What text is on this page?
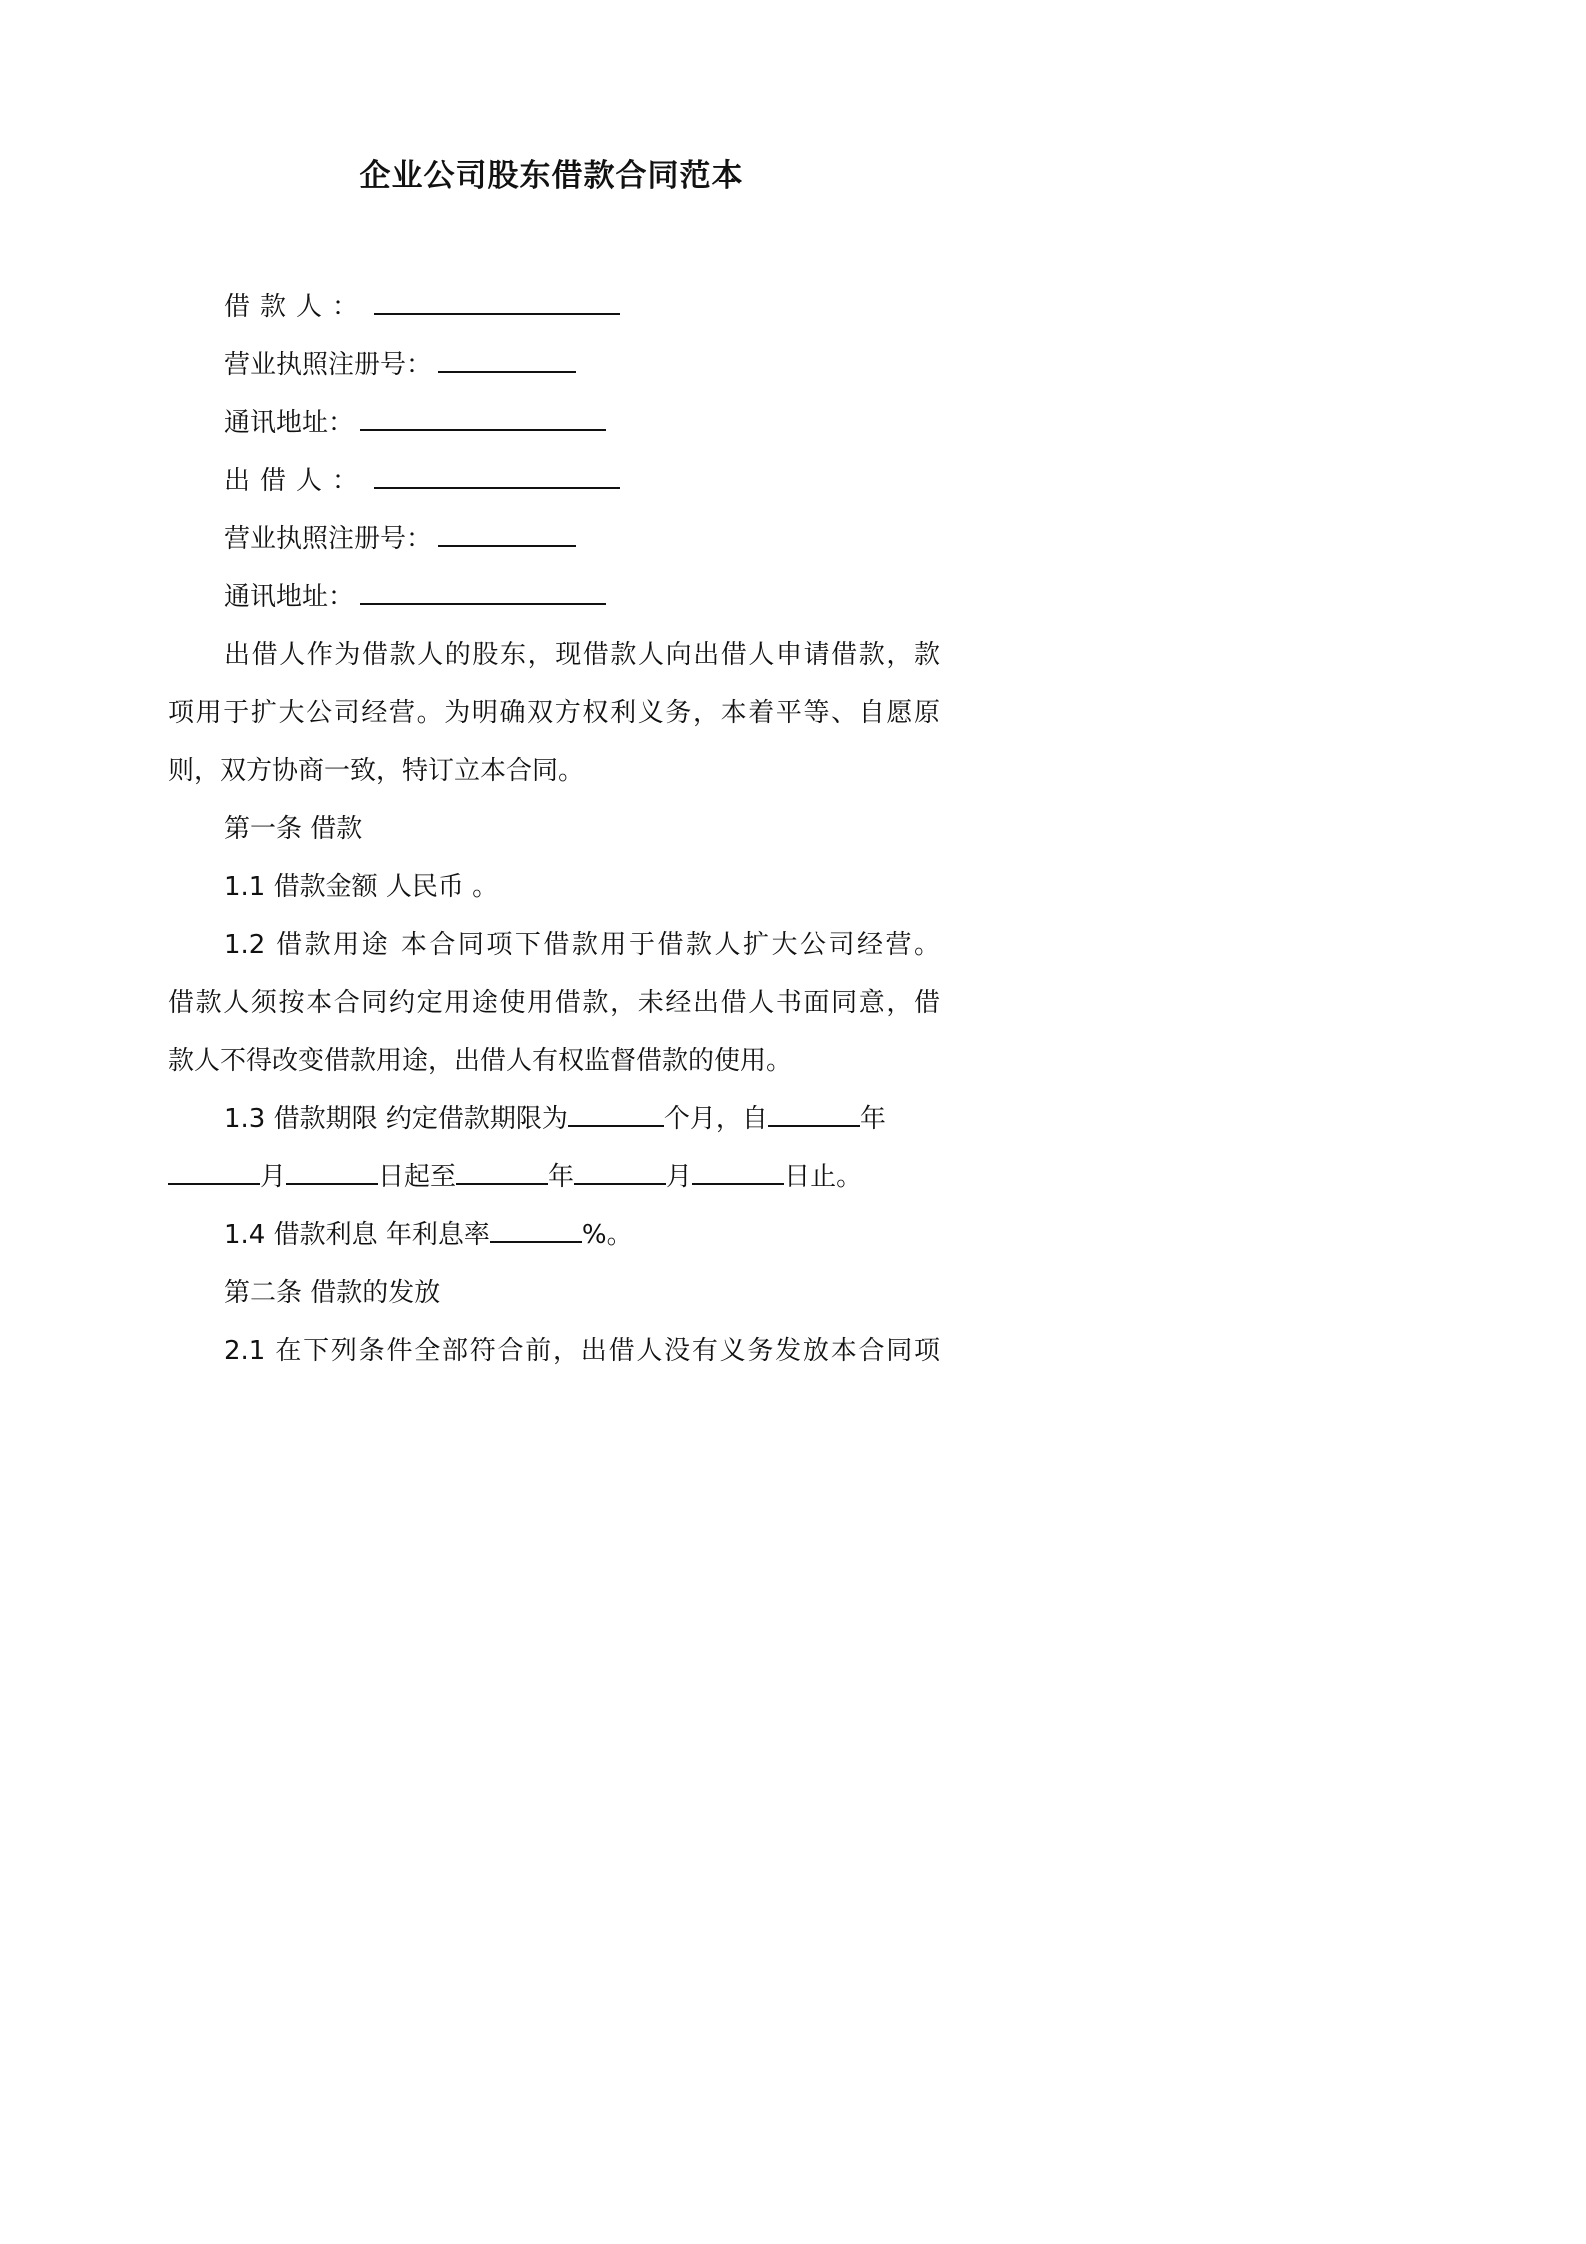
企业公司股东借款合同范本
借款人：
营业执照注册号：
通讯地址：
出借人：
营业执照注册号：
通讯地址：
出借人作为借款人的股东，现借款人向出借人申请借款，款
项用于扩大公司经营。为明确双方权利义务，本着平等、自愿原
则，双方协商一致，特订立本合同。
第一条 借款
1.1 借款金额 人民币 。
1.2 借款用途 本合同项下借款用于借款人扩大公司经营。
借款人须按本合同约定用途使用借款，未经出借人书面同意，借
款人不得改变借款用途，出借人有权监督借款的使用。
1.3 借款期限 约定借款期限为	个月，自	年
月	日起至	年	月	日止。
1.4 借款利息 年利息率	%。
第二条 借款的发放
2.1 在下列条件全部符合前，出借人没有义务发放本合同项
